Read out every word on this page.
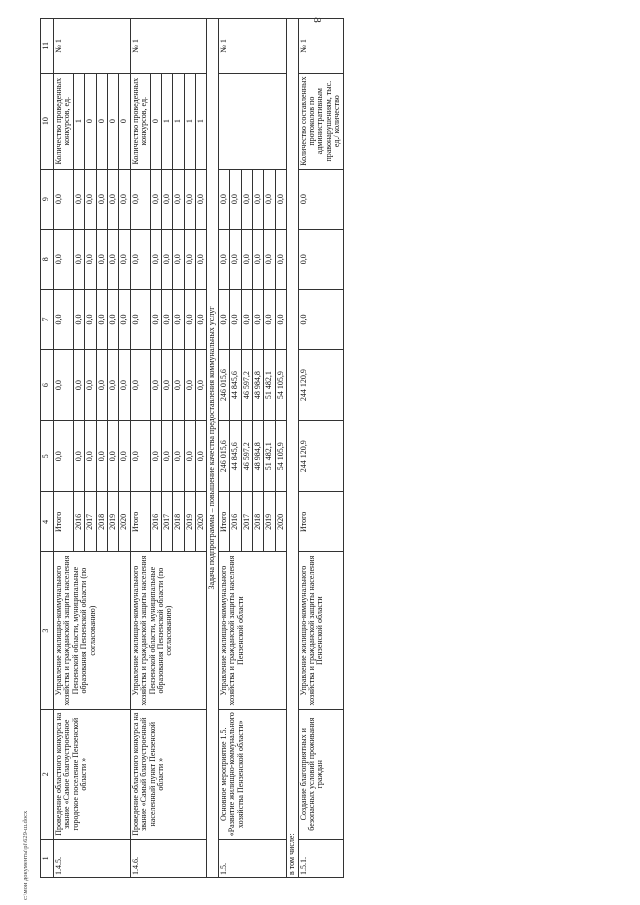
8
c:\мои документы\pi\629-ш.docx 1	2	3	4	5	6	7	8	9	10	11
1.4.5.	Проведение областного конкурса на звание «Самое благоустроенное городское поселение Пензенской области »	Управление жилищно-коммунального хозяйства и гражданской защиты населения Пензенской области, муниципальные образования Пензенской области (по согласованию)	Итого	0,0	0,0	0,0	0,0	0,0	Количество проведенных конкурсов, ед.	№ 1
			2016	0,0	0,0	0,0	0,0	0,0	1	
			2017	0,0	0,0	0,0	0,0	0,0	0	
			2018	0,0	0,0	0,0	0,0	0,0	0	
			2019	0,0	0,0	0,0	0,0	0,0	0	
			2020	0,0	0,0	0,0	0,0	0,0	0	
1.4.6.	Проведение областного конкурса на звание «Самый благоустроенный населенный пункт Пензенской области »	Управление жилищно-коммунального хозяйства и гражданской защиты населения Пензенской области, муниципальные образования Пензенской области (по согласованию)	Итого	0,0	0,0	0,0	0,0	0,0	Количество проведенных конкурсов, ед.	№ 1
			2016	0,0	0,0	0,0	0,0	0,0	0	
			2017	0,0	0,0	0,0	0,0	0,0	1	
			2018	0,0	0,0	0,0	0,0	0,0	1	
			2019	0,0	0,0	0,0	0,0	0,0	1	
			2020	0,0	0,0	0,0	0,0	0,0	1	
Задача подпрограммы – повышение качества предоставления коммунальных услуг										
1.5.	Основное мероприятие 1.5. «Развитие жилищно-коммунального хозяйства Пензенской области»	Управление жилищно-коммунального хозяйства и гражданской защиты населения Пензенской области	Итого	246 015,6	246 015,6	0,0	0,0	0,0		№ 1
			2016	44 845,6	44 845,6	0,0	0,0	0,0		
			2017	46 597,2	46 597,2	0,0	0,0	0,0		
			2018	48 984,8	48 984,8	0,0	0,0	0,0		
			2019	51 482,1	51 482,1	0,0	0,0	0,0		
			2020	54 105,9	54 105,9	0,0	0,0	0,0		
в том числе:										
1.5.1.	Создание благоприятных и безопасных условий проживания граждан	Управление жилищно-коммунального хозяйства и гражданской защиты населения Пензенской области	Итого	244 120,9	244 120,9	0,0	0,0	0,0	Количество составленных протоколов по административным правонарушениям, тыс. ед./ количество	№ 1
